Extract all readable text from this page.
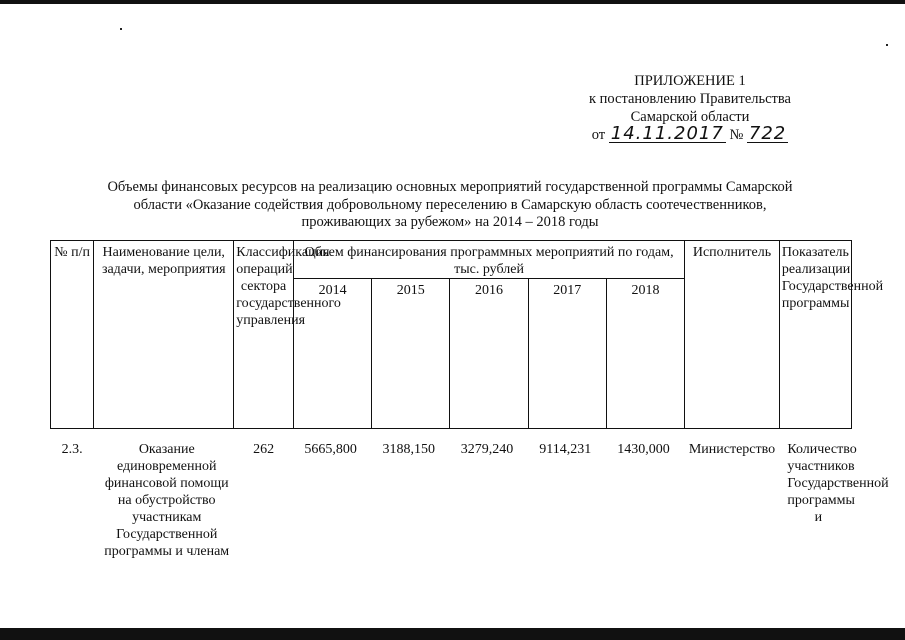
ПРИЛОЖЕНИЕ 1
к постановлению Правительства
Самарской области
от 14.11.2017 № 722
Объемы финансовых ресурсов на реализацию основных мероприятий государственной программы Самарской
области «Оказание содействия добровольному переселению в Самарскую область соотечественников,
проживающих за рубежом» на 2014 – 2018 годы
№ п/п	Наименование цели, задачи, мероприятия	Классификация операций сектора государственного управления	Объем финансирования программных мероприятий по годам, тыс. рублей					Исполнитель	Показатель реализации Государственной программы
			2014	2015	2016	2017	2018		
2.3.	Оказание единовременной финансовой помощи на обустройство участникам Государственной программы и членам	262	5665,800	3188,150	3279,240	9114,231	1430,000	Министерство	Количество участников Государственной программы и
